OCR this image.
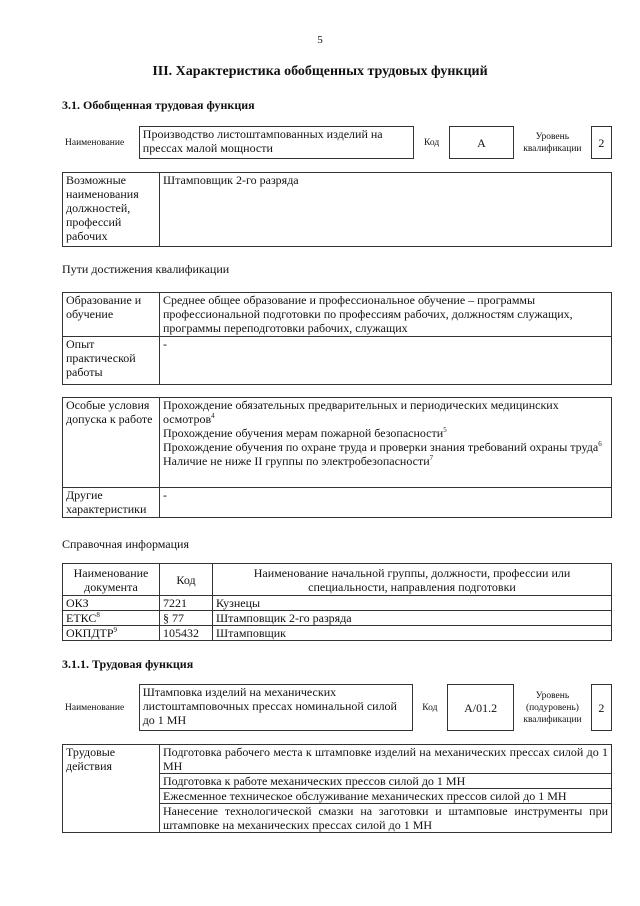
5
III. Характеристика обобщенных трудовых функций
3.1. Обобщенная трудовая функция
Наименование	Производство листоштампованных изделий на прессах малой мощности	Код	А	Уровень квалификации	2
Возможные наименования должностей, профессий рабочих	Штамповщик 2-го разряда
Пути достижения квалификации
Образование и обучение	Среднее общее образование и профессиональное обучение – программы профессиональной подготовки по профессиям рабочих, должностям служащих, программы переподготовки рабочих, служащих
Опыт практической работы	-
Особые условия допуска к работе	Прохождение обязательных предварительных и периодических медицинских осмотров$^4$
Прохождение обучения мерам пожарной безопасности$^5$
Прохождение обучения по охране труда и проверки знания требований охраны труда$^6$
Наличие не ниже II группы по электробезопасности$^7$

Другие характеристики	-
Справочная информация
Наименование документа	Код	Наименование начальной группы, должности, профессии или специальности, направления подготовки
ОКЗ	7221	Кузнецы
ЕТКС$^8$	§ 77	Штамповщик 2-го разряда
ОКПДТР$^9$	105432	Штамповщик
3.1.1. Трудовая функция
Наименование	Штамповка изделий на механических листоштамповочных прессах номинальной силой до 1 МН	Код	А/01.2	Уровень (подуровень) квалификации	2
Трудовые действия	Подготовка рабочего места к штамповке изделий на механических прессах силой до 1 МН
Подготовка к работе механических прессов силой до 1 МН
Ежесменное техническое обслуживание механических прессов силой до 1 МН
Нанесение технологической смазки на заготовки и штамповые инструменты при штамповке на механических прессах силой до 1 МН
